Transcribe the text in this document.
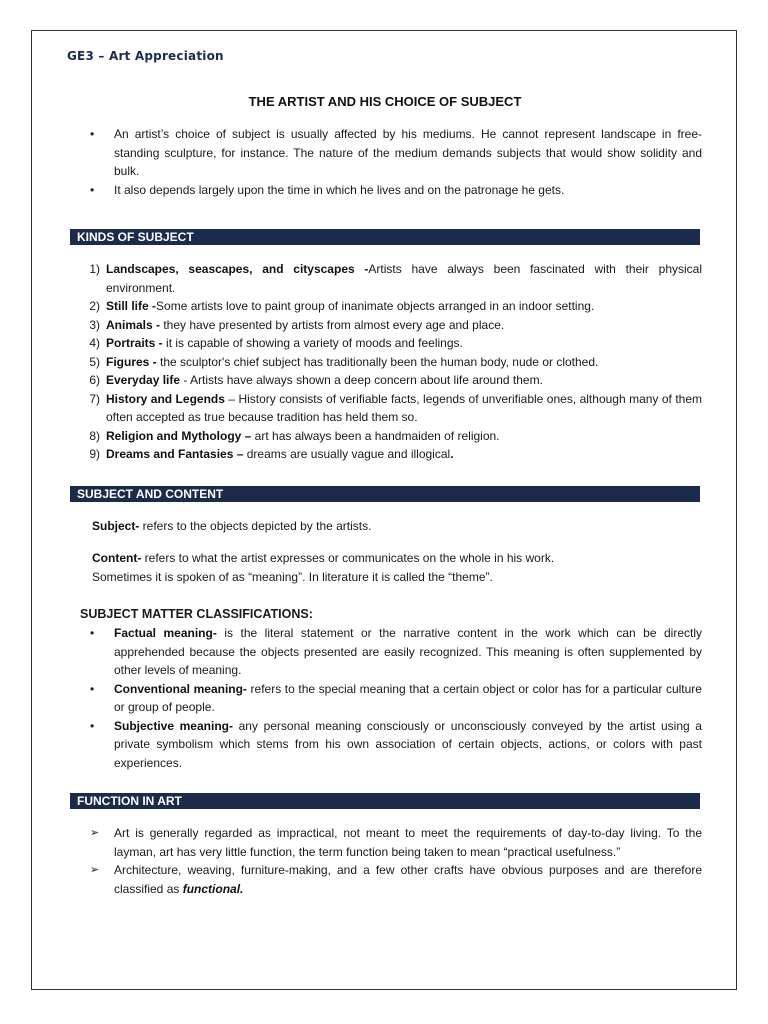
GE3 – Art Appreciation
THE ARTIST AND HIS CHOICE OF SUBJECT
• An artist’s choice of subject is usually affected by his mediums. He cannot represent landscape in free-standing sculpture, for instance. The nature of the medium demands subjects that would show solidity and bulk.
• It also depends largely upon the time in which he lives and on the patronage he gets.
KINDS OF SUBJECT
1) Landscapes, seascapes, and cityscapes -Artists have always been fascinated with their physical environment.
2) Still life -Some artists love to paint group of inanimate objects arranged in an indoor setting.
3) Animals - they have presented by artists from almost every age and place.
4) Portraits - it is capable of showing a variety of moods and feelings.
5) Figures - the sculptor's chief subject has traditionally been the human body, nude or clothed.
6) Everyday life - Artists have always shown a deep concern about life around them.
7) History and Legends – History consists of verifiable facts, legends of unverifiable ones, although many of them often accepted as true because tradition has held them so.
8) Religion and Mythology – art has always been a handmaiden of religion.
9) Dreams and Fantasies – dreams are usually vague and illogical.
SUBJECT AND CONTENT

Subject- refers to the objects depicted by the artists.

Content- refers to what the artist expresses or communicates on the whole in his work.

Sometimes it is spoken of as “meaning”. In literature it is called the “theme”.

SUBJECT MATTER CLASSIFICATIONS:
• Factual meaning- is the literal statement or the narrative content in the work which can be directly apprehended because the objects presented are easily recognized. This meaning is often supplemented by other levels of meaning.
• Conventional meaning- refers to the special meaning that a certain object or color has for a particular culture or group of people.
• Subjective meaning- any personal meaning consciously or unconsciously conveyed by the artist using a private symbolism which stems from his own association of certain objects, actions, or colors with past experiences.
FUNCTION IN ART
➢ Art is generally regarded as impractical, not meant to meet the requirements of day-to-day living. To the layman, art has very little function, the term function being taken to mean “practical usefulness.”
➢ Architecture, weaving, furniture-making, and a few other crafts have obvious purposes and are therefore classified as functional.
